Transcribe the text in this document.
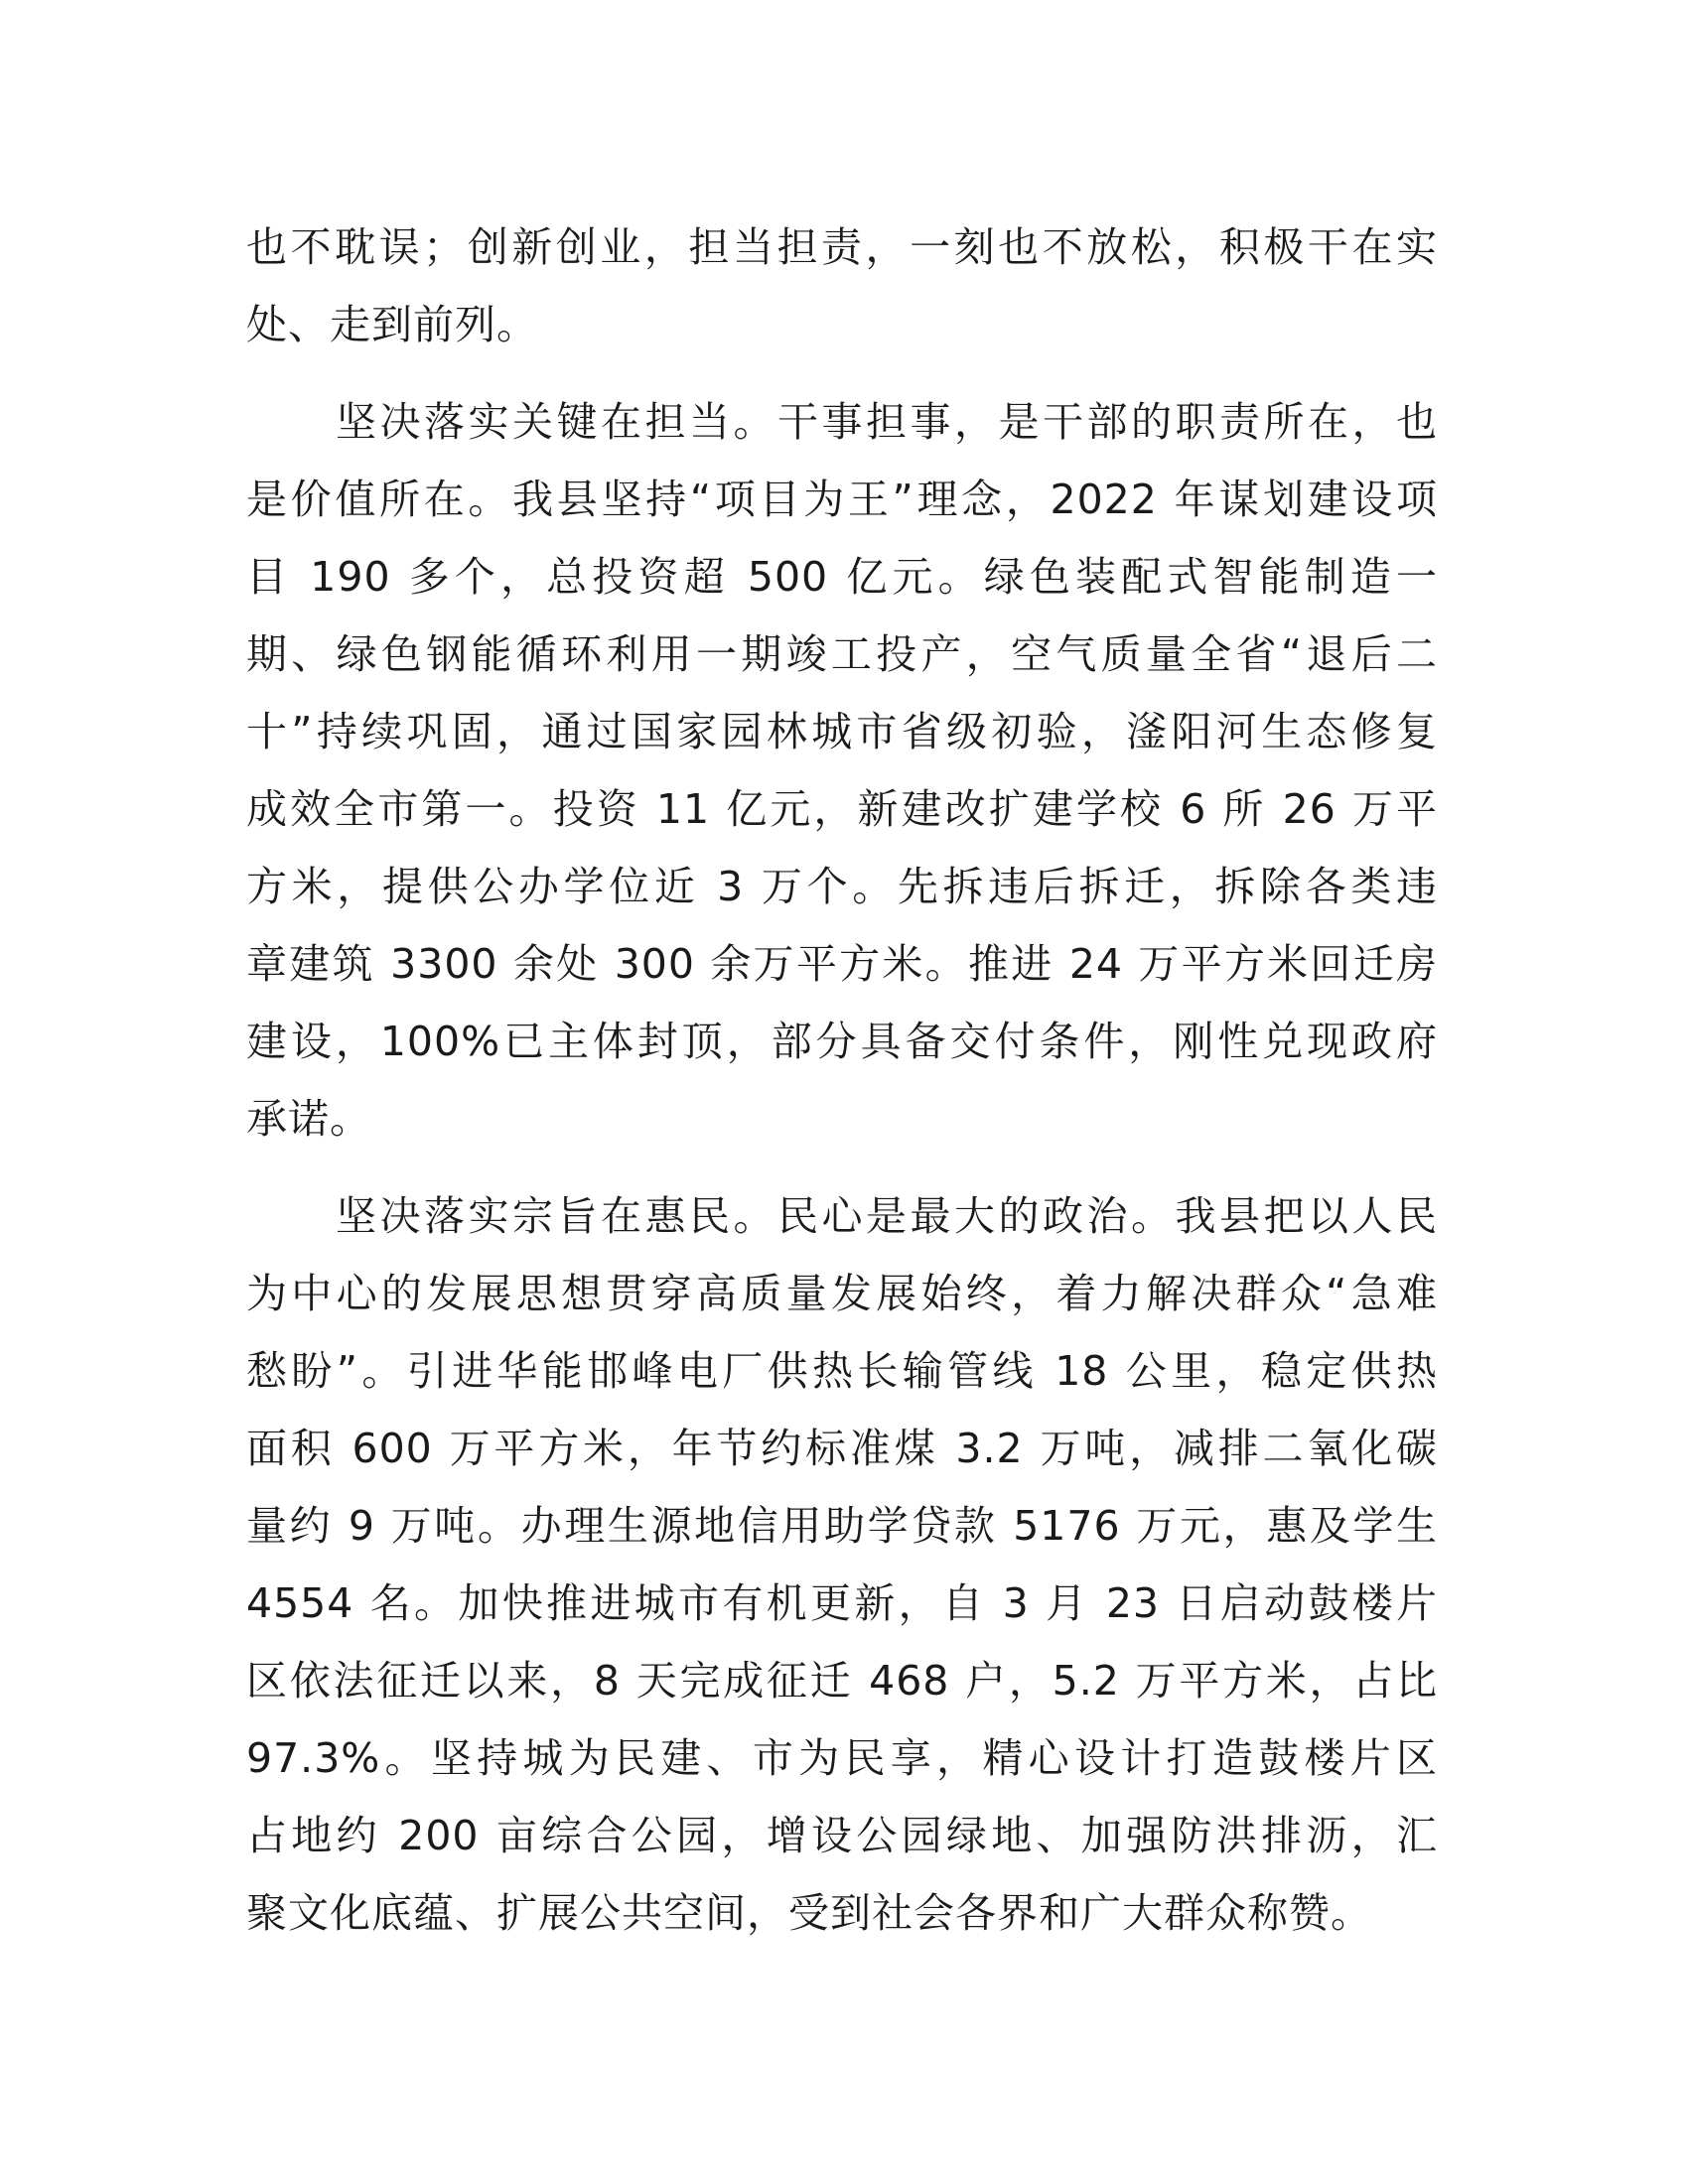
也不耽误；创新创业，担当担责，一刻也不放松，积极干在实
处、走到前列。
坚决落实关键在担当。干事担事，是干部的职责所在，也
是价值所在。我县坚持“项目为王”理念，2022 年谋划建设项
目 190 多个，总投资超 500 亿元。绿色装配式智能制造一
期、绿色钢能循环利用一期竣工投产，空气质量全省“退后二
十”持续巩固，通过国家园林城市省级初验，滏阳河生态修复
成效全市第一。投资 11 亿元，新建改扩建学校 6 所 26 万平
方米，提供公办学位近 3 万个。先拆违后拆迁，拆除各类违
章建筑 3300 余处 300 余万平方米。推进 24 万平方米回迁房
建设，100%已主体封顶，部分具备交付条件，刚性兑现政府
承诺。
坚决落实宗旨在惠民。民心是最大的政治。我县把以人民
为中心的发展思想贯穿高质量发展始终，着力解决群众“急难
愁盼”。引进华能邯峰电厂供热长输管线 18 公里，稳定供热
面积 600 万平方米，年节约标准煤 3.2 万吨，减排二氧化碳
量约 9 万吨。办理生源地信用助学贷款 5176 万元，惠及学生
4554 名。加快推进城市有机更新，自 3 月 23 日启动鼓楼片
区依法征迁以来，8 天完成征迁 468 户，5.2 万平方米，占比
97.3%。坚持城为民建、市为民享，精心设计打造鼓楼片区
占地约 200 亩综合公园，增设公园绿地、加强防洪排沥，汇
聚文化底蕴、扩展公共空间，受到社会各界和广大群众称赞。
